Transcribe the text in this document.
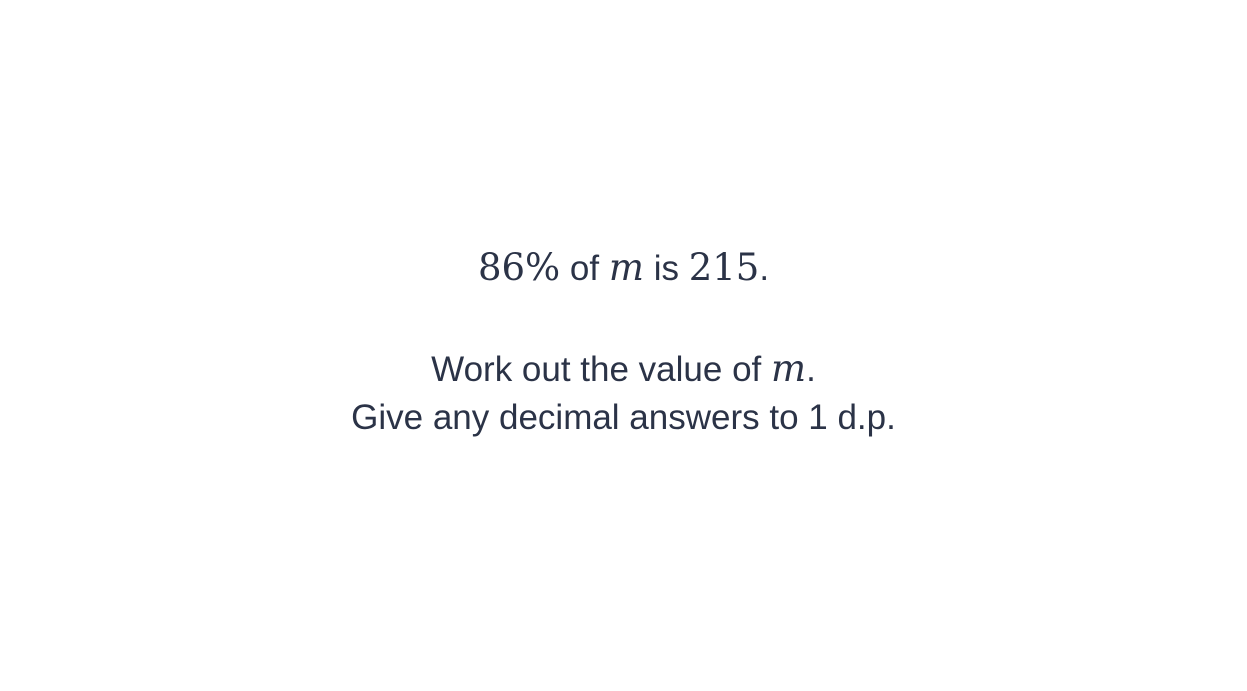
86% of m is 215.
Work out the value of m.
Give any decimal answers to 1 d.p.
